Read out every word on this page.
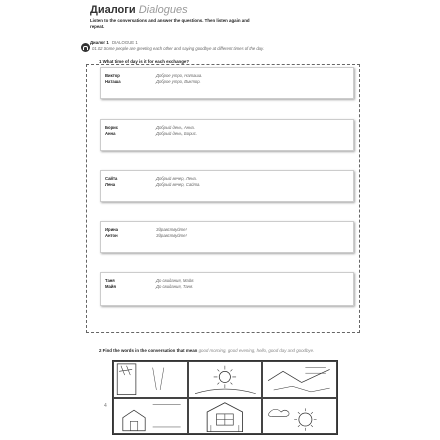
Диалоги Dialogues
Listen to the conversations and answer the questions. Then listen again and repeat.
Диалог 1 DIALOGUE 1
01.02 Some people are greeting each other and saying goodbye at different times of the day.
1 What time of day is it for each exchange?
Виктор
Наташа
Доброе утро, Наташа.
Доброе утро, Виктор.
Борис
Анна
Добрый день, Анна.
Добрый день, Борис.
Сайта
Лена
Добрый вечер, Лена.
Добрый вечер, Сайта.
Ирина
Антон
Здравствуйте!
Здравствуйте!
Таня
Майя
До свидания, Майя.
До свидания, Таня.
2 Find the words in the conversation that mean good morning, good evening, hello, good day and goodbye.
4
